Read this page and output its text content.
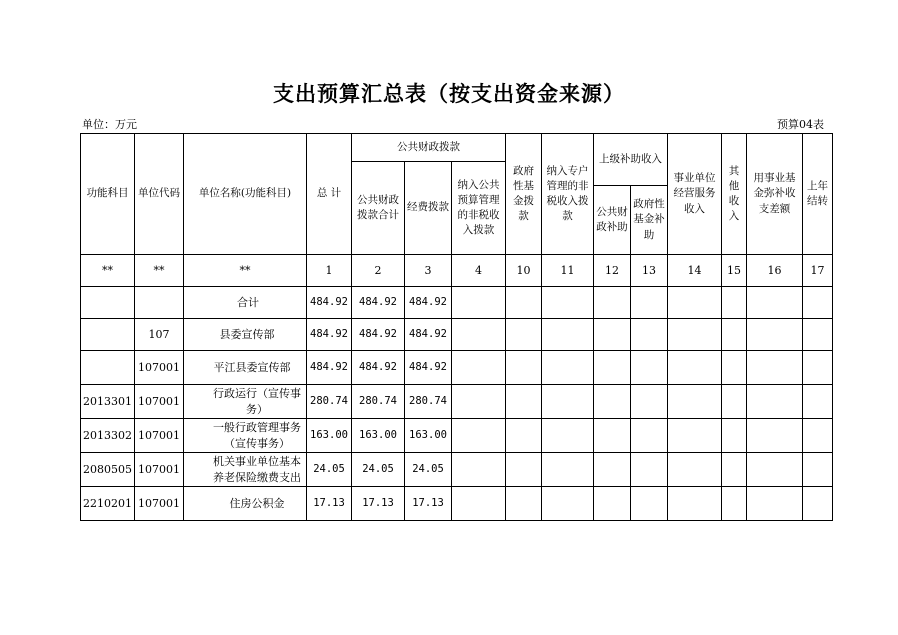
支出预算汇总表（按支出资金来源）
单位：万元	预算04表
功能科目	单位代码	单位名称(功能科目)	总 计	公共财政拨款			政府性基金拨款	纳入专户管理的非税收入拨款	上级补助收入		事业单位经营服务收入	其他收入	用事业基金弥补收支差额	上年结转
				公共财政拨款合计	经费拨款	纳入公共预算管理的非税收入拨款								
									公共财政补助	政府性基金补助				
**	**	**	1	2	3	4	10	11	12	13	14	15	16	17
		合计	484.92	484.92	484.92									
	107	县委宣传部	484.92	484.92	484.92									
	107001	平江县委宣传部	484.92	484.92	484.92									
2013301	107001	行政运行（宣传事务）	280.74	280.74	280.74									
2013302	107001	一般行政管理事务（宣传事务）	163.00	163.00	163.00									
2080505	107001	机关事业单位基本养老保险缴费支出	24.05	24.05	24.05									
2210201	107001	住房公积金	17.13	17.13	17.13									
